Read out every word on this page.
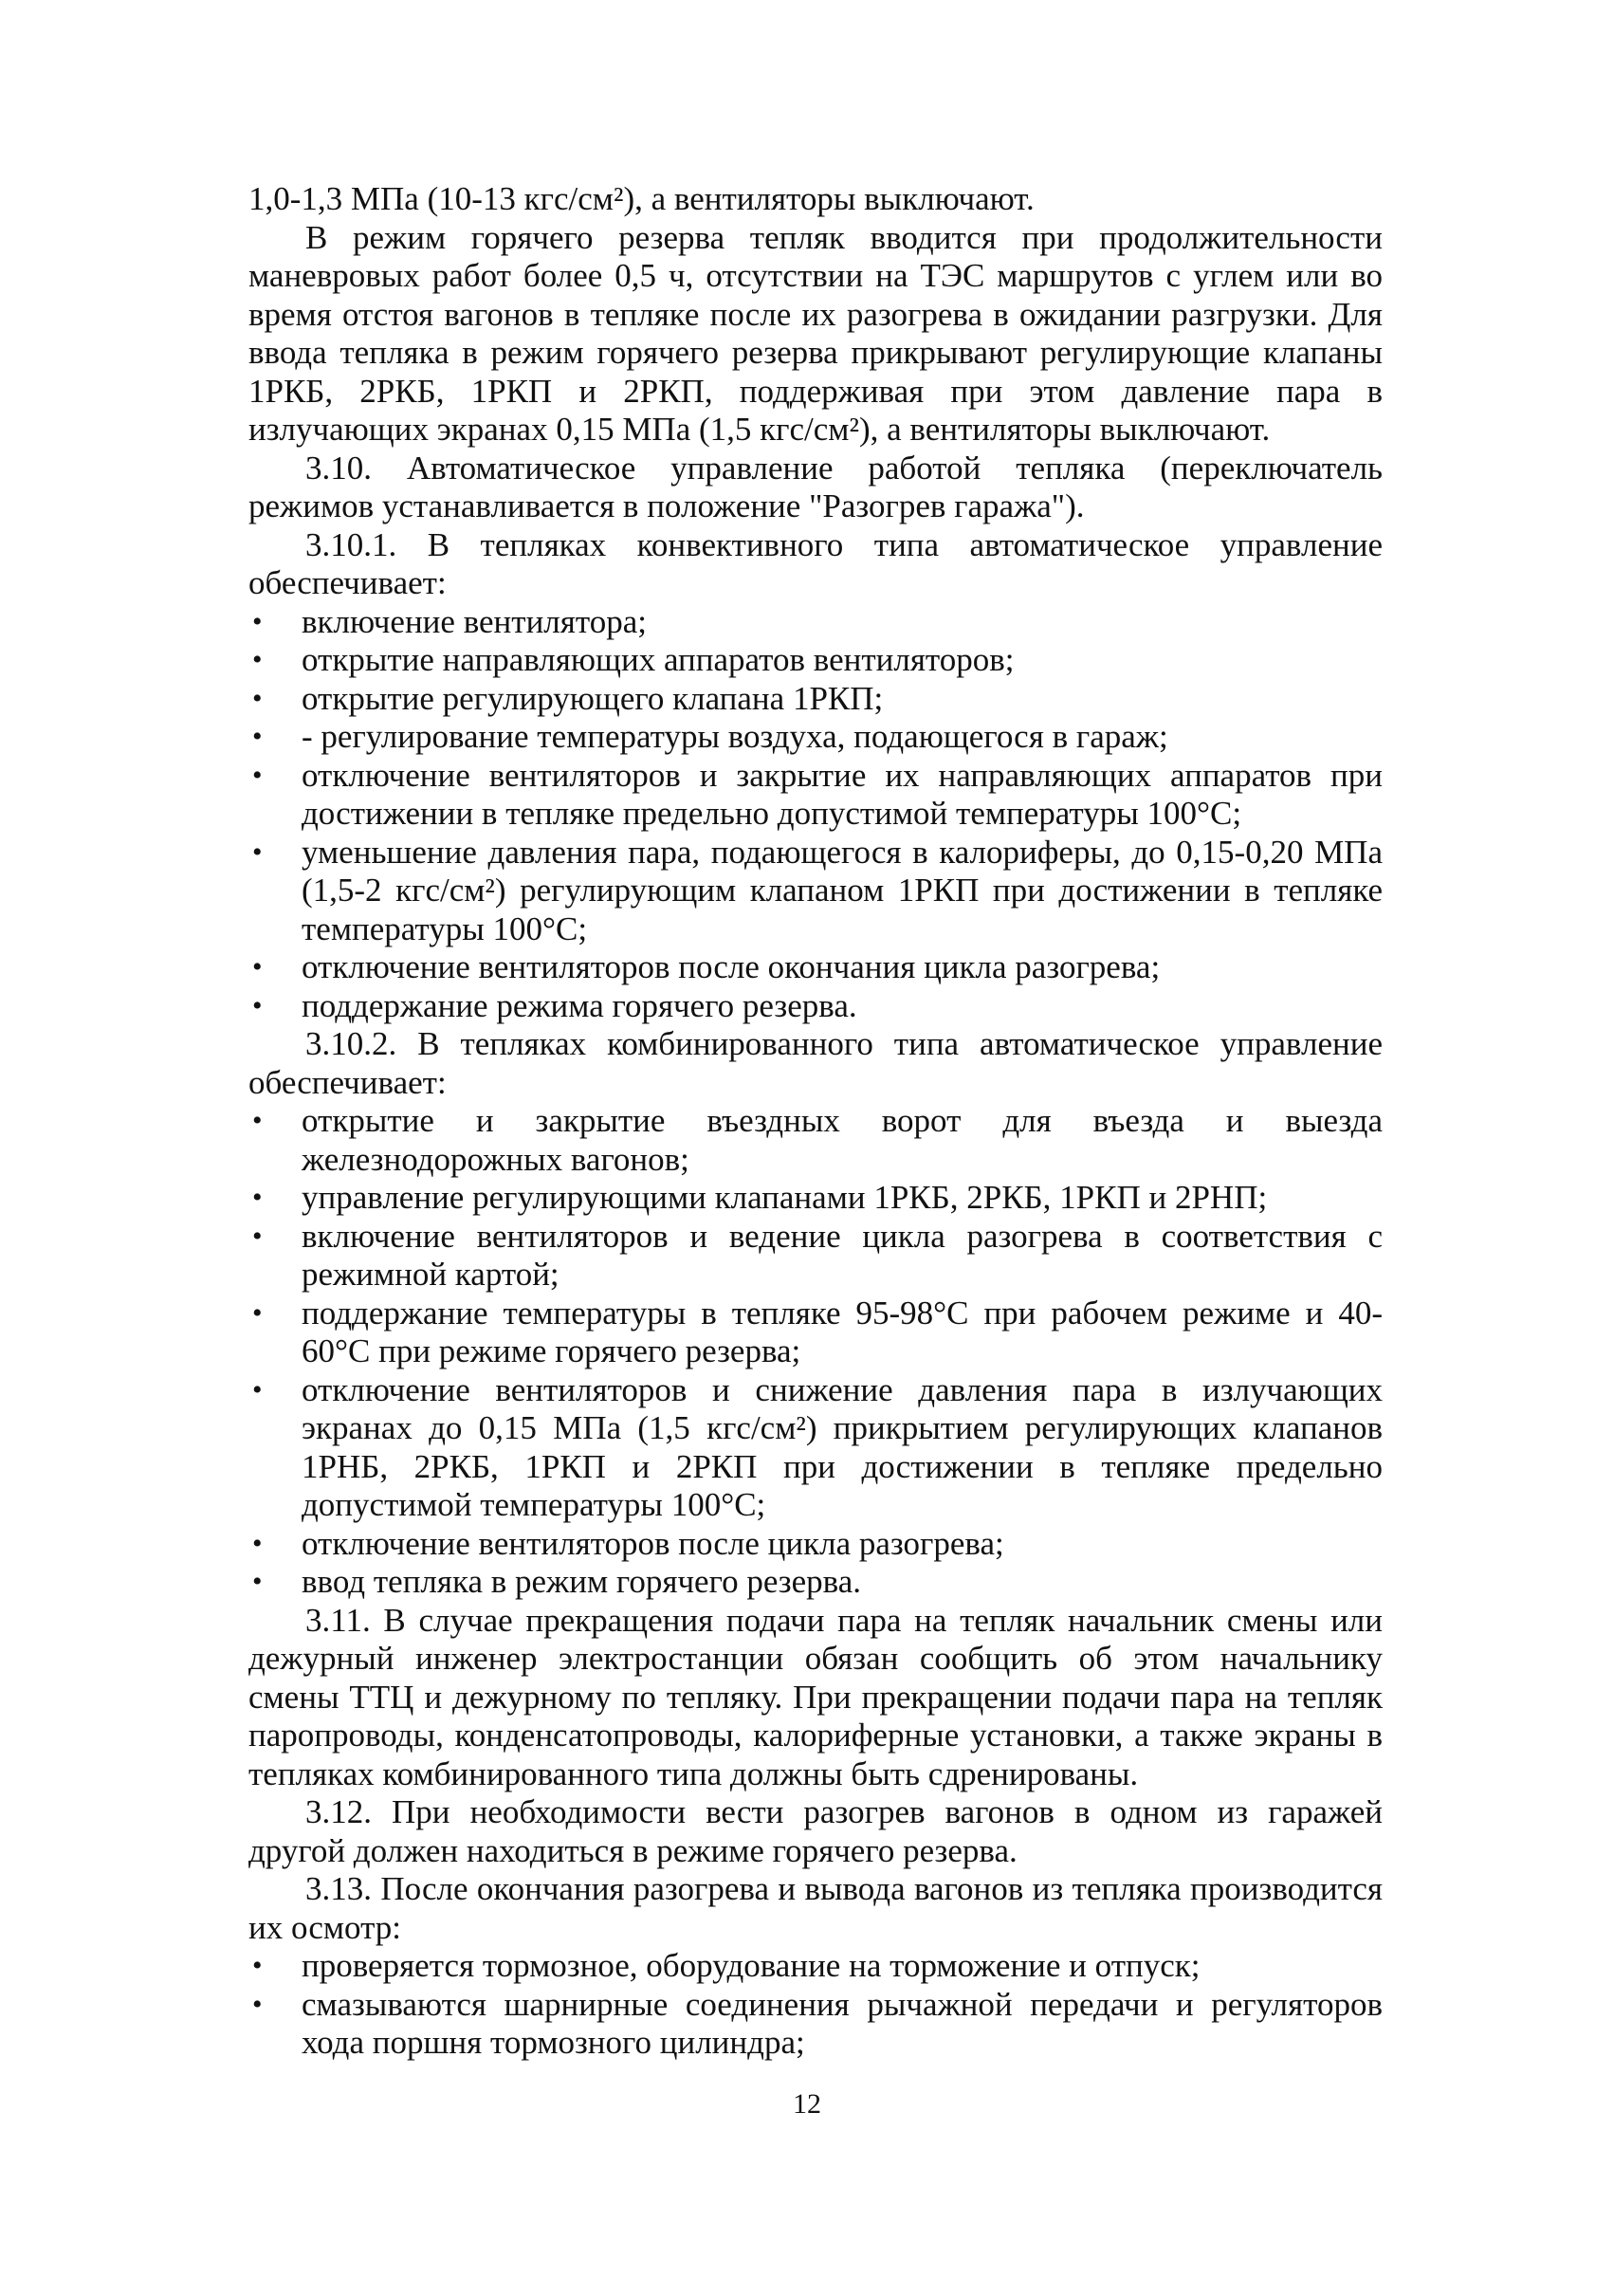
1,0-1,3 МПа (10-13 кгс/см²), а вентиляторы выключают.

В режим горячего резерва тепляк вводится при продолжительности маневровых работ более 0,5 ч, отсутствии на ТЭС маршрутов с углем или во время отстоя вагонов в тепляке после их разогрева в ожидании разгрузки. Для ввода тепляка в режим горячего резерва прикрывают регулирующие клапаны 1РКБ, 2РКБ, 1РКП и 2РКП, поддерживая при этом давление пара в излучающих экранах 0,15 МПа (1,5 кгс/см²), а вентиляторы выключают.

3.10. Автоматическое управление работой тепляка (переключатель режимов устанавливается в положение "Разогрев гаража").

3.10.1. В тепляках конвективного типа автоматическое управление обеспечивает:

• включение вентилятора;
• открытие направляющих аппаратов вентиляторов;
• открытие регулирующего клапана 1РКП;
• - регулирование температуры воздуха, подающегося в гараж;
• отключение вентиляторов и закрытие их направляющих аппаратов при достижении в тепляке предельно допустимой температуры 100°С;
• уменьшение давления пара, подающегося в калориферы, до 0,15-0,20 МПа (1,5-2 кгс/см²) регулирующим клапаном 1РКП при достижении в тепляке температуры 100°С;
• отключение вентиляторов после окончания цикла разогрева;
• поддержание режима горячего резерва.

3.10.2. В тепляках комбинированного типа автоматическое управление обеспечивает:

• открытие и закрытие въездных ворот для въезда и выезда железнодорожных вагонов;
• управление регулирующими клапанами 1РКБ, 2РКБ, 1РКП и 2РНП;
• включение вентиляторов и ведение цикла разогрева в соответствия с режимной картой;
• поддержание температуры в тепляке 95-98°С при рабочем режиме и 40-60°С при режиме горячего резерва;
• отключение вентиляторов и снижение давления пара в излучающих экранах до 0,15 МПа (1,5 кгс/см²) прикрытием регулирующих клапанов 1РНБ, 2РКБ, 1РКП и 2РКП при достижении в тепляке предельно допустимой температуры 100°С;
• отключение вентиляторов после цикла разогрева;
• ввод тепляка в режим горячего резерва.

3.11. В случае прекращения подачи пара на тепляк начальник смены или дежурный инженер электростанции обязан сообщить об этом начальнику смены ТТЦ и дежурному по тепляку. При прекращении подачи пара на тепляк паропроводы, конденсатопроводы, калориферные установки, а также экраны в тепляках комбинированного типа должны быть сдренированы.

3.12. При необходимости вести разогрев вагонов в одном из гаражей другой должен находиться в режиме горячего резерва.

3.13. После окончания разогрева и вывода вагонов из тепляка производится их осмотр:

• проверяется тормозное, оборудование на торможение и отпуск;
• смазываются шарнирные соединения рычажной передачи и регуляторов хода поршня тормозного цилиндра;
12
